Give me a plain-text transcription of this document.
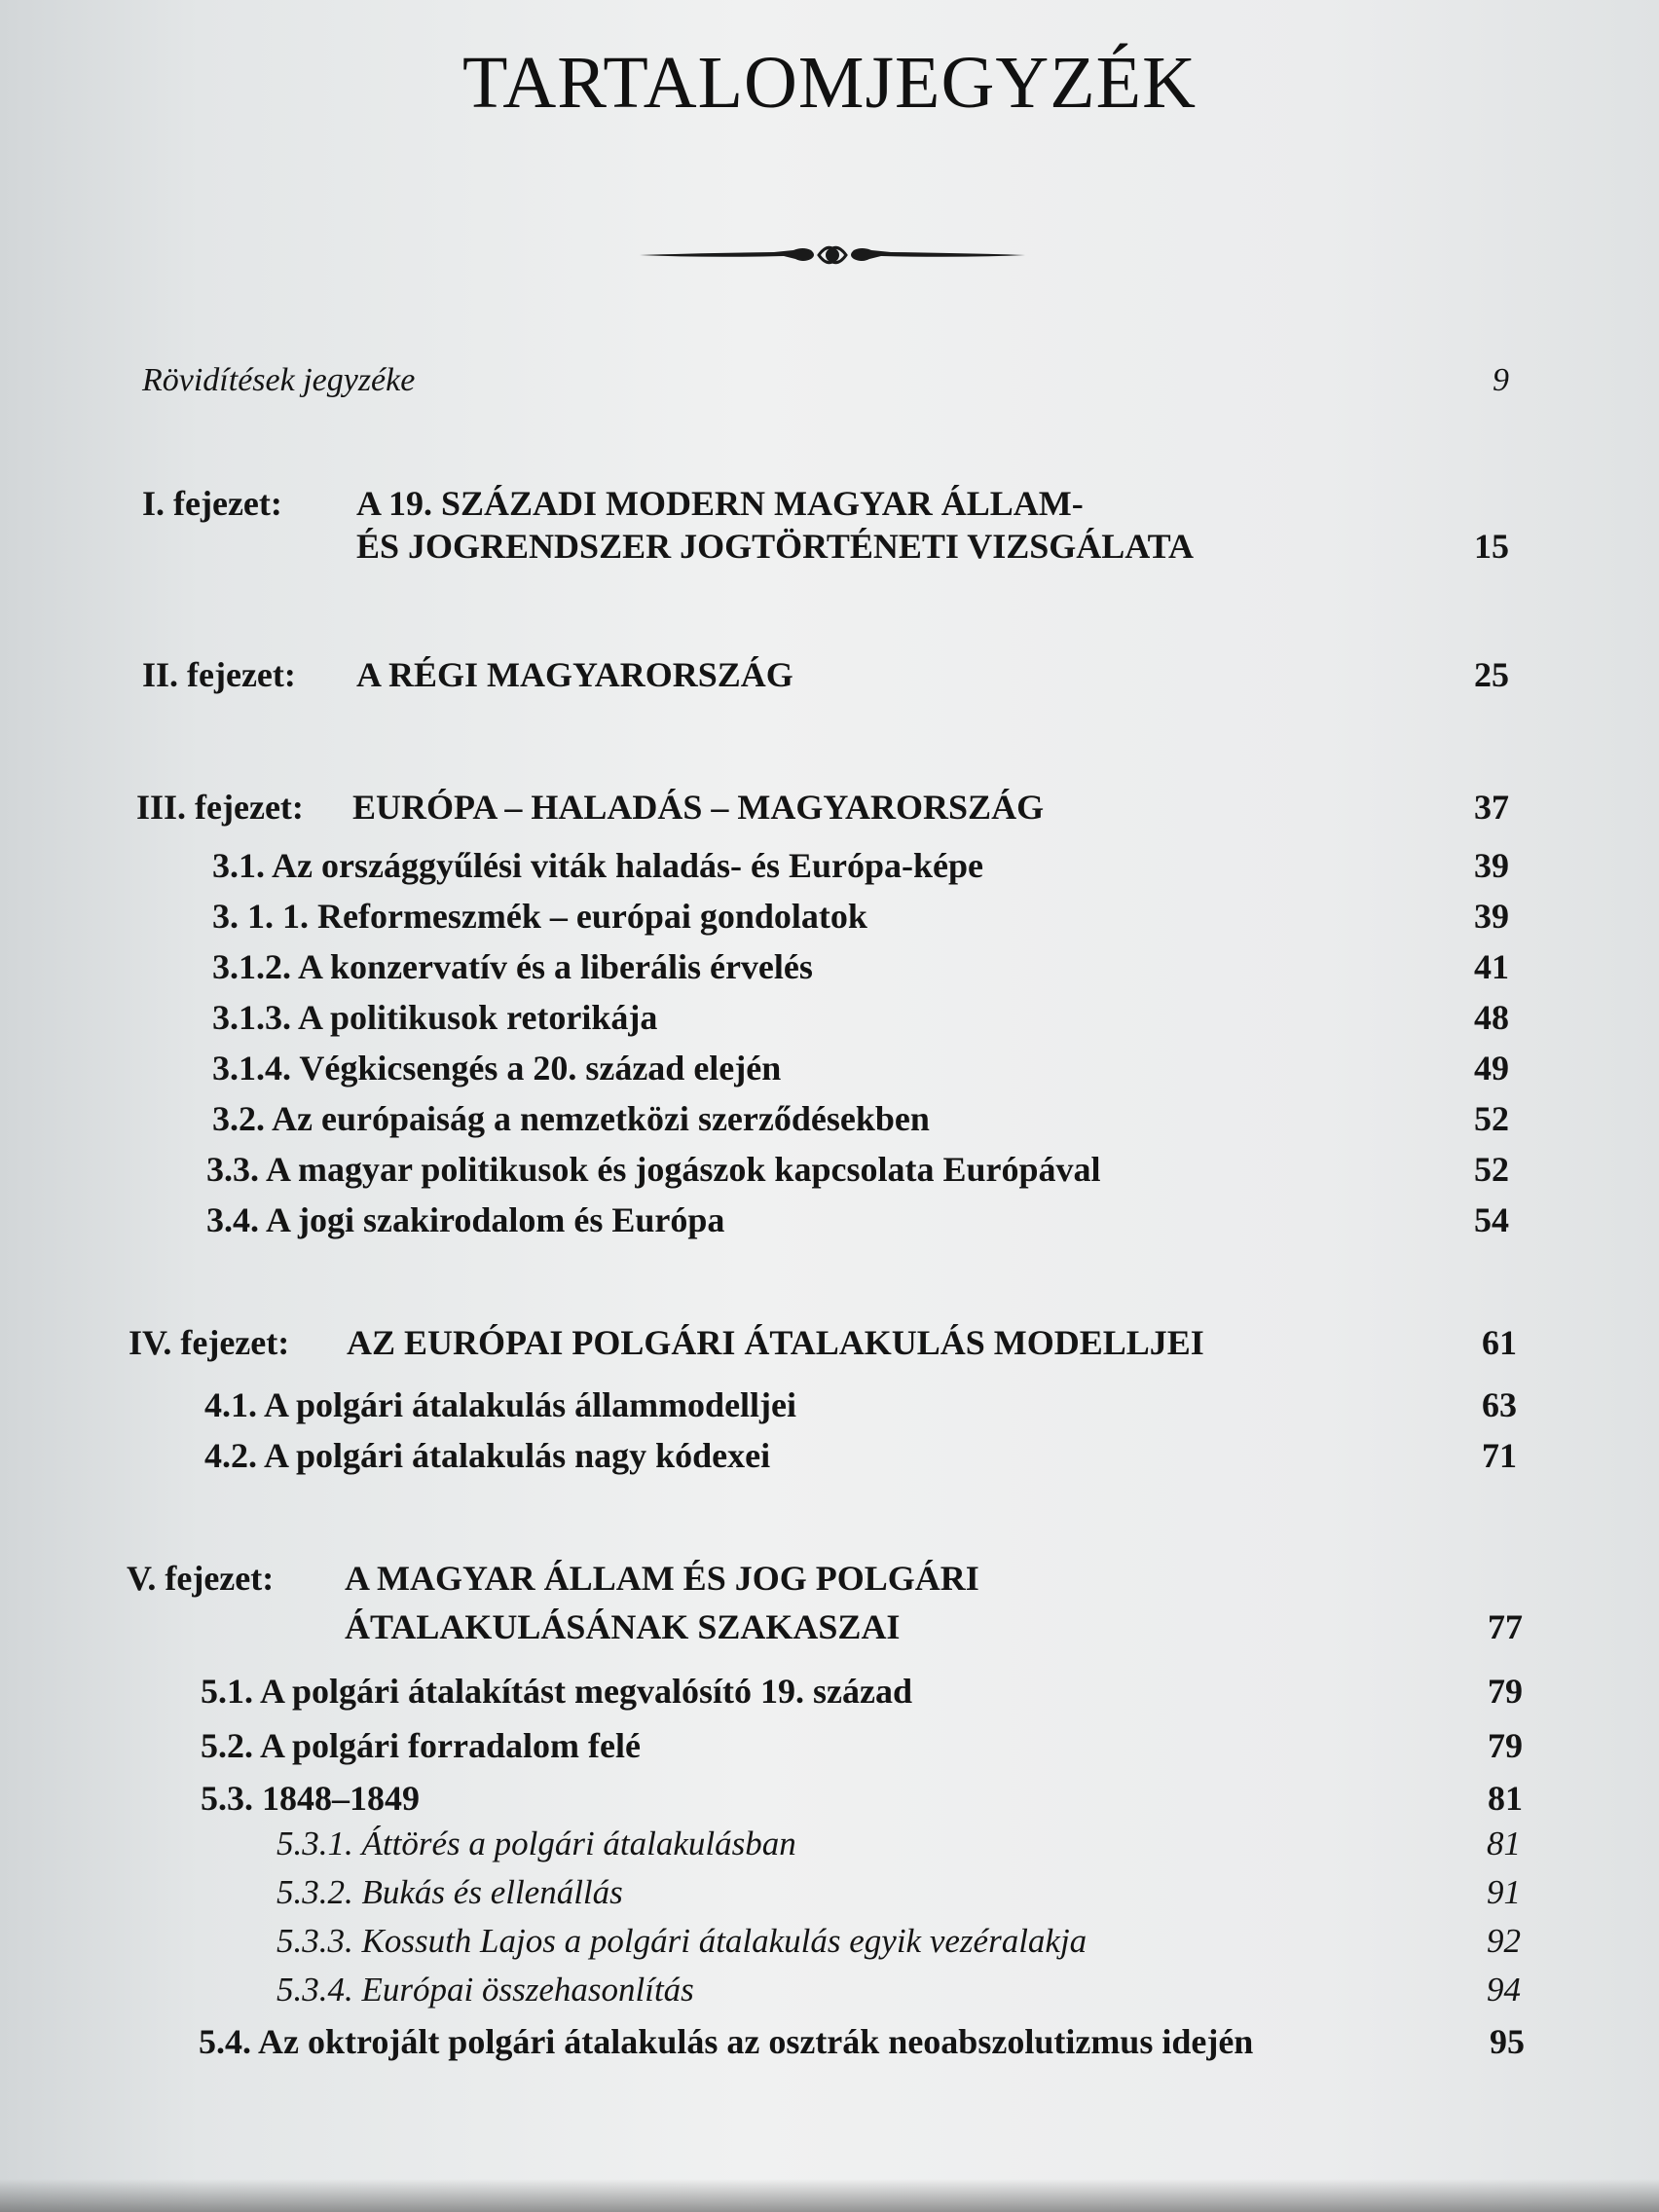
TARTALOMJEGYZÉK
Rövidítések jegyzéke	9
I. fejezet: A 19. SZÁZADI MODERN MAGYAR ÁLLAM-
ÉS JOGRENDSZER JOGTÖRTÉNETI VIZSGÁLATA	15
II. fejezet: A RÉGI MAGYARORSZÁG	25
III. fejezet: EURÓPA – HALADÁS – MAGYARORSZÁG	37
3.1. Az országgyűlési viták haladás- és Európa-képe	39
3. 1. 1. Reformeszmék – európai gondolatok	39
3.1.2. A konzervatív és a liberális érvelés	41
3.1.3. A politikusok retorikája	48
3.1.4. Végkicsengés a 20. század elején	49
3.2. Az európaiság a nemzetközi szerződésekben	52
3.3. A magyar politikusok és jogászok kapcsolata Európával	52
3.4. A jogi szakirodalom és Európa	54
IV. fejezet: AZ EURÓPAI POLGÁRI ÁTALAKULÁS MODELLJEI	61
4.1. A polgári átalakulás állammodelljei	63
4.2. A polgári átalakulás nagy kódexei	71
V. fejezet: A MAGYAR ÁLLAM ÉS JOG POLGÁRI
ÁTALAKULÁSÁNAK SZAKASZAI	77
5.1. A polgári átalakítást megvalósító 19. század	79
5.2. A polgári forradalom felé	79
5.3. 1848–1849	81
5.3.1. Áttörés a polgári átalakulásban	81
5.3.2. Bukás és ellenállás	91
5.3.3. Kossuth Lajos a polgári átalakulás egyik vezéralakja	92
5.3.4. Európai összehasonlítás	94
5.4. Az oktrojált polgári átalakulás az osztrák neoabszolutizmus idején	95
